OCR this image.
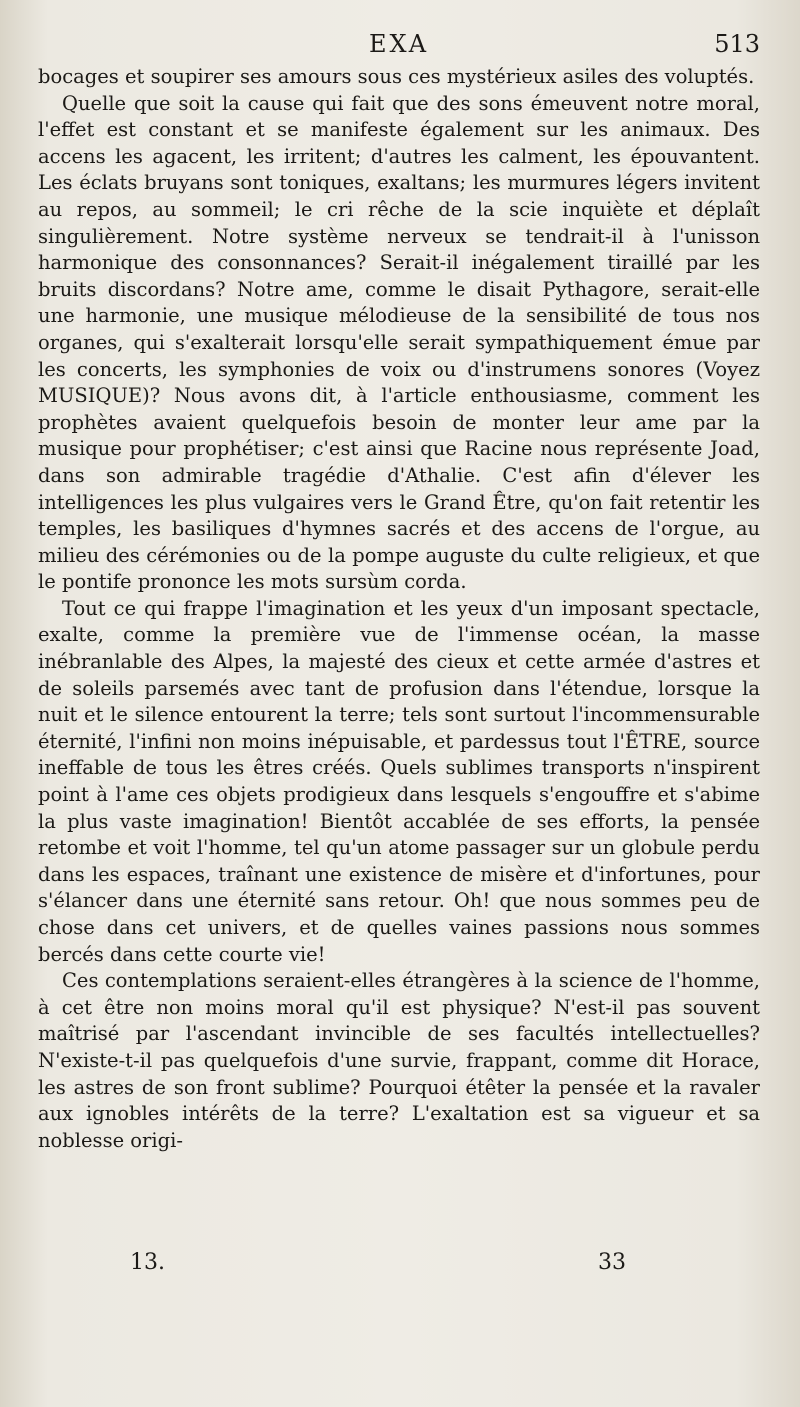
EXA	513

bocages et soupirer ses amours sous ces mystérieux asiles des voluptés.

Quelle que soit la cause qui fait que des sons émeuvent notre moral, l'effet est constant et se manifeste également sur les animaux. Des accens les agacent, les irritent; d'autres les calment, les épouvantent. Les éclats bruyans sont toniques, exaltans; les murmures légers invitent au repos, au sommeil; le cri rêche de la scie inquiète et déplaît singulièrement. Notre système nerveux se tendrait-il à l'unisson harmonique des consonnances? Serait-il inégalement tiraillé par les bruits discordans? Notre ame, comme le disait Pythagore, serait-elle une harmonie, une musique mélodieuse de la sensibilité de tous nos organes, qui s'exalterait lorsqu'elle serait sympathiquement émue par les concerts, les symphonies de voix ou d'instrumens sonores (Voyez MUSIQUE)? Nous avons dit, à l'article enthousiasme, comment les prophètes avaient quelquefois besoin de monter leur ame par la musique pour prophétiser; c'est ainsi que Racine nous représente Joad, dans son admirable tragédie d'Athalie. C'est afin d'élever les intelligences les plus vulgaires vers le Grand Être, qu'on fait retentir les temples, les basiliques d'hymnes sacrés et des accens de l'orgue, au milieu des cérémonies ou de la pompe auguste du culte religieux, et que le pontife prononce les mots sursùm corda.

Tout ce qui frappe l'imagination et les yeux d'un imposant spectacle, exalte, comme la première vue de l'immense océan, la masse inébranlable des Alpes, la majesté des cieux et cette armée d'astres et de soleils parsemés avec tant de profusion dans l'étendue, lorsque la nuit et le silence entourent la terre; tels sont surtout l'incommensurable éternité, l'infini non moins inépuisable, et pardessus tout l'ÊTRE, source ineffable de tous les êtres créés. Quels sublimes transports n'inspirent point à l'ame ces objets prodigieux dans lesquels s'engouffre et s'abime la plus vaste imagination! Bientôt accablée de ses efforts, la pensée retombe et voit l'homme, tel qu'un atome passager sur un globule perdu dans les espaces, traînant une existence de misère et d'infortunes, pour s'élancer dans une éternité sans retour. Oh! que nous sommes peu de chose dans cet univers, et de quelles vaines passions nous sommes bercés dans cette courte vie!

Ces contemplations seraient-elles étrangères à la science de l'homme, à cet être non moins moral qu'il est physique? N'est-il pas souvent maîtrisé par l'ascendant invincible de ses facultés intellectuelles? N'existe-t-il pas quelquefois d'une survie, frappant, comme dit Horace, les astres de son front sublime? Pourquoi étêter la pensée et la ravaler aux ignobles intérêts de la terre? L'exaltation est sa vigueur et sa noblesse origi-

13.	33
